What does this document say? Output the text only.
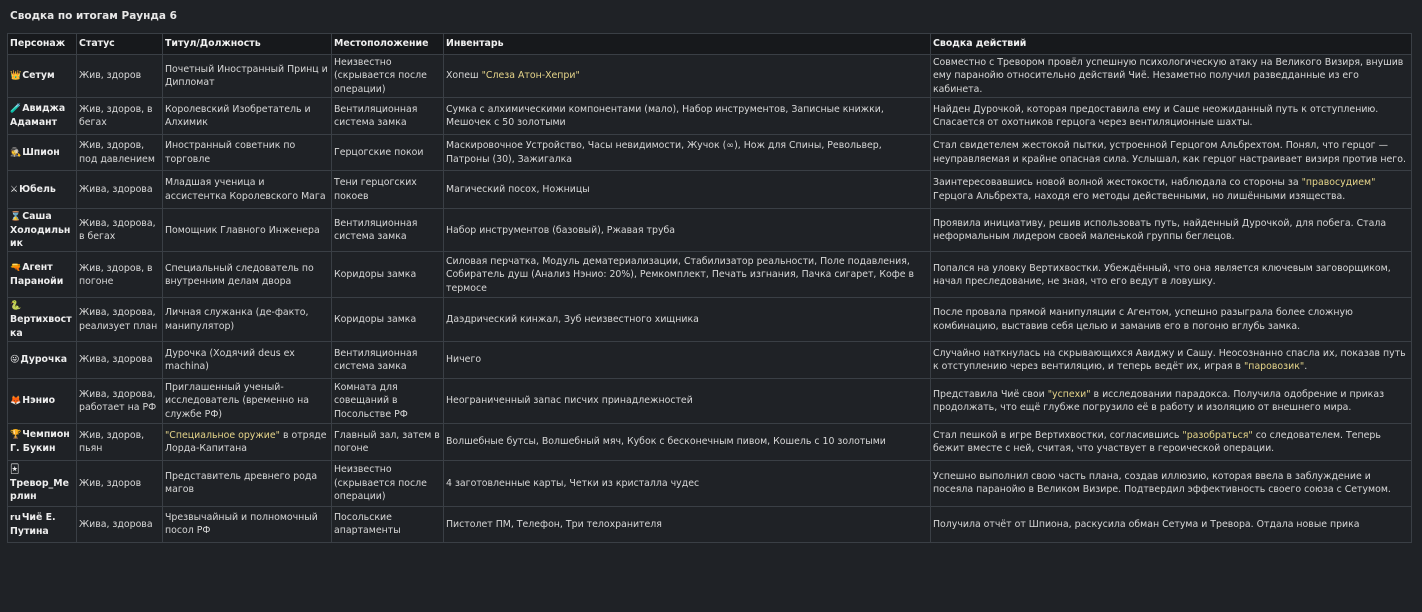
Сводка по итогам Раунда 6
Персонаж	Статус	Титул/Должность	Местоположение	Инвентарь	Сводка действий
👑Сетум	Жив, здоров	Почетный Иностранный Принц и Дипломат	Неизвестно (скрывается после операции)	Хопеш "Слеза Атон-Хепри"	Совместно с Тревором провёл успешную психологическую атаку на Великого Визиря, внушив ему паранойю относительно действий Чиё. Незаметно получил разведданные из его кабинета.
🧪Авиджа Адамант	Жив, здоров, в бегах	Королевский Изобретатель и Алхимик	Вентиляционная система замка	Сумка с алхимическими компонентами (мало), Набор инструментов, Записные книжки, Мешочек с 50 золотыми	Найден Дурочкой, которая предоставила ему и Саше неожиданный путь к отступлению. Спасается от охотников герцога через вентиляционные шахты.
🕵Шпион	Жив, здоров, под давлением	Иностранный советник по торговле	Герцогские покои	Маскировочное Устройство, Часы невидимости, Жучок (∞), Нож для Спины, Револьвер, Патроны (30), Зажигалка	Стал свидетелем жестокой пытки, устроенной Герцогом Альбрехтом. Понял, что герцог — неуправляемая и крайне опасная сила. Услышал, как герцог настраивает визиря против него.
⚔Юбель	Жива, здорова	Младшая ученица и ассистентка Королевского Мага	Тени герцогских покоев	Магический посох, Ножницы	Заинтересовавшись новой волной жестокости, наблюдала со стороны за "правосудием" Герцога Альбрехта, находя его методы действенными, но лишёнными изящества.
⌛Саша Холодильник	Жива, здорова, в бегах	Помощник Главного Инженера	Вентиляционная система замка	Набор инструментов (базовый), Ржавая труба	Проявила инициативу, решив использовать путь, найденный Дурочкой, для побега. Стала неформальным лидером своей маленькой группы беглецов.
🔫Агент Паранойи	Жив, здоров, в погоне	Специальный следователь по внутренним делам двора	Коридоры замка	Силовая перчатка, Модуль дематериализации, Стабилизатор реальности, Поле подавления, Собиратель душ (Анализ Нэнио: 20%), Ремкомплект, Печать изгнания, Пачка сигарет, Кофе в термосе	Попался на уловку Вертихвостки. Убеждённый, что она является ключевым заговорщиком, начал преследование, не зная, что его ведут в ловушку.
🐍Вертихвостка	Жива, здорова, реализует план	Личная служанка (де-факто, манипулятор)	Коридоры замка	Даэдрический кинжал, Зуб неизвестного хищника	После провала прямой манипуляции с Агентом, успешно разыграла более сложную комбинацию, выставив себя целью и заманив его в погоню вглубь замка.
😜Дурочка	Жива, здорова	Дурочка (Ходячий deus ex machina)	Вентиляционная система замка	Ничего	Случайно наткнулась на скрывающихся Авиджу и Сашу. Неосознанно спасла их, показав путь к отступлению через вентиляцию, и теперь ведёт их, играя в "паровозик".
🦊Нэнио	Жива, здорова, работает на РФ	Приглашенный ученый-исследователь (временно на службе РФ)	Комната для совещаний в Посольстве РФ	Неограниченный запас писчих принадлежностей	Представила Чиё свои "успехи" в исследовании парадокса. Получила одобрение и приказ продолжать, что ещё глубже погрузило её в работу и изоляцию от внешнего мира.
🏆Чемпион Г. Букин	Жив, здоров, пьян	"Специальное оружие" в отряде Лорда-Капитана	Главный зал, затем в погоне	Волшебные бутсы, Волшебный мяч, Кубок с бесконечным пивом, Кошель с 10 золотыми	Стал пешкой в игре Вертихвостки, согласившись "разобраться" со следователем. Теперь бежит вместе с ней, считая, что участвует в героической операции.
🃏Тревор_Мерлин	Жив, здоров	Представитель древнего рода магов	Неизвестно (скрывается после операции)	4 заготовленные карты, Четки из кристалла чудес	Успешно выполнил свою часть плана, создав иллюзию, которая ввела в заблуждение и посеяла паранойю в Великом Визире. Подтвердил эффективность своего союза с Сетумом.
ruЧиё Е. Путина	Жива, здорова	Чрезвычайный и полномочный посол РФ	Посольские апартаменты	Пистолет ПМ, Телефон, Три телохранителя	Получила отчёт от Шпиона, раскусила обман Сетума и Тревора. Отдала новые прика
